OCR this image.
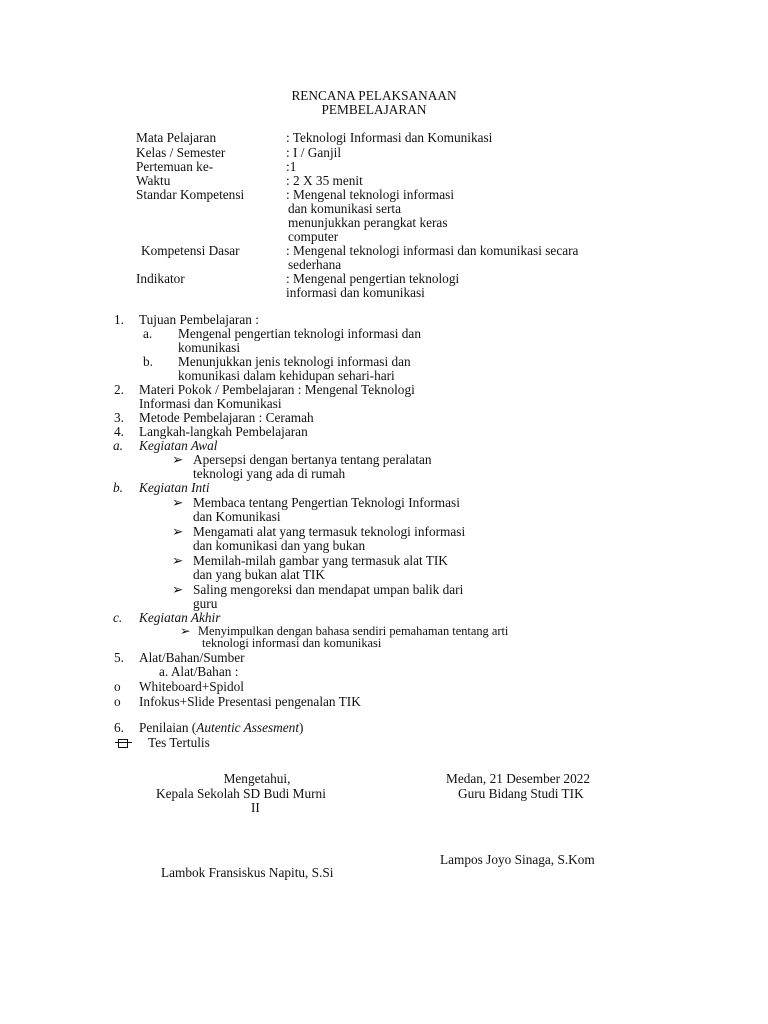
RENCANA PELAKSANAAN
PEMBELAJARAN
Mata Pelajaran	: Teknologi Informasi dan Komunikasi
Kelas / Semester	: I / Ganjil
Pertemuan ke-	:1
Waktu	: 2 X 35 menit
Standar Kompetensi	: Mengenal teknologi informasi
dan komunikasi serta
menunjukkan perangkat keras
computer
Kompetensi Dasar	: Mengenal teknologi informasi dan komunikasi secara
sederhana
Indikator	: Mengenal pengertian teknologi
informasi dan komunikasi
1. Tujuan Pembelajaran :
a. Mengenal pengertian teknologi informasi dan
komunikasi
b. Menunjukkan jenis teknologi informasi dan
komunikasi dalam kehidupan sehari-hari
2. Materi Pokok / Pembelajaran : Mengenal Teknologi
Informasi dan Komunikasi
3. Metode Pembelajaran : Ceramah
4. Langkah-langkah Pembelajaran
a. Kegiatan Awal
➢ Apersepsi dengan bertanya tentang peralatan
teknologi yang ada di rumah
b. Kegiatan Inti
➢ Membaca tentang Pengertian Teknologi Informasi
dan Komunikasi
➢ Mengamati alat yang termasuk teknologi informasi
dan komunikasi dan yang bukan
➢ Memilah-milah gambar yang termasuk alat TIK
dan yang bukan alat TIK
➢ Saling mengoreksi dan mendapat umpan balik dari
guru
c. Kegiatan Akhir
➢ Menyimpulkan dengan bahasa sendiri pemahaman tentang arti
teknologi informasi dan komunikasi
5. Alat/Bahan/Sumber
a. Alat/Bahan :
o Whiteboard+Spidol
o Infokus+Slide Presentasi pengenalan TIK
6. Penilaian (Autentic Assesment)
Tes Tertulis
Mengetahui,
Kepala Sekolah SD Budi Murni
II
Lambok Fransiskus Napitu, S.Si
Medan, 21 Desember 2022
Guru Bidang Studi TIK
Lampos Joyo Sinaga, S.Kom
